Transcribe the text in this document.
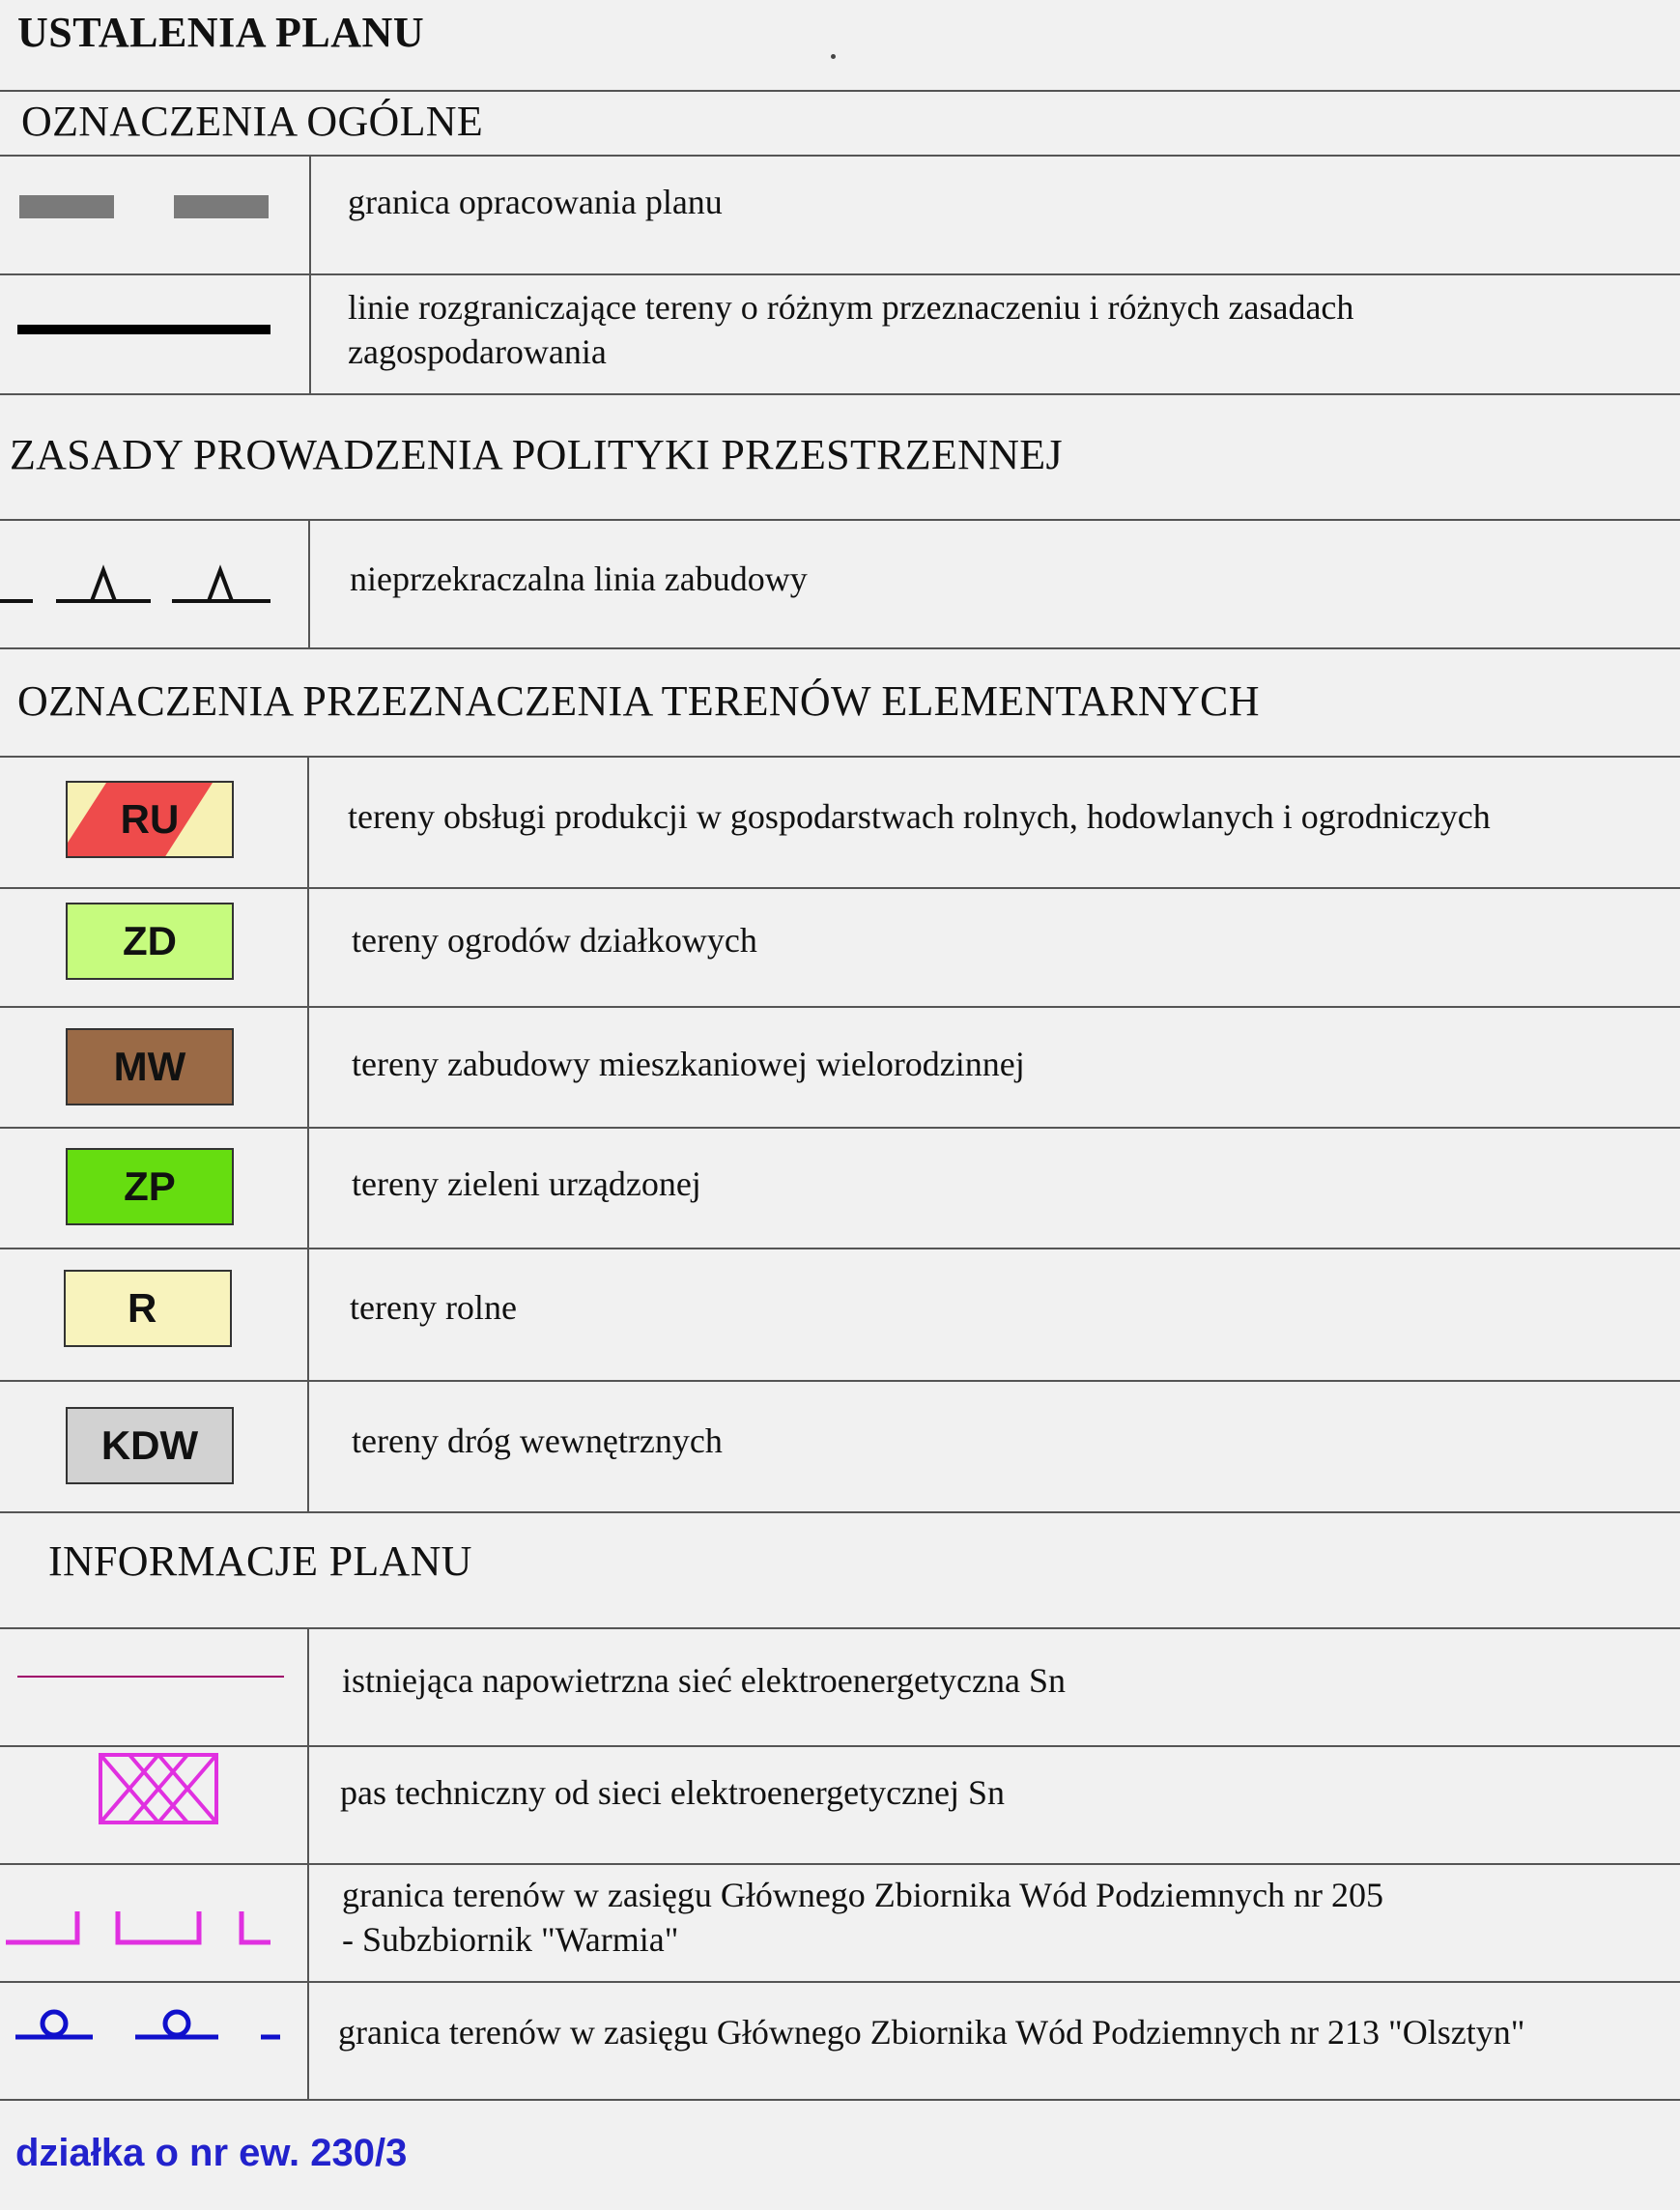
USTALENIA PLANU
OZNACZENIA OGÓLNE
granica opracowania planu
linie rozgraniczające tereny o różnym przeznaczeniu i różnych zasadach
zagospodarowania
ZASADY PROWADZENIA POLITYKI PRZESTRZENNEJ
nieprzekraczalna linia zabudowy
OZNACZENIA PRZEZNACZENIA TERENÓW ELEMENTARNYCH
RU	tereny obsługi produkcji w gospodarstwach rolnych, hodowlanych i ogrodniczych
ZD	tereny ogrodów działkowych
MW	tereny zabudowy mieszkaniowej wielorodzinnej
ZP	tereny zieleni urządzonej
R	tereny rolne
KDW	tereny dróg wewnętrznych
INFORMACJE PLANU
istniejąca napowietrzna sieć elektroenergetyczna Sn
pas techniczny od sieci elektroenergetycznej Sn
granica terenów w zasięgu Głównego Zbiornika Wód Podziemnych nr 205
- Subzbiornik "Warmia"
granica terenów w zasięgu Głównego Zbiornika Wód Podziemnych nr 213 "Olsztyn"
działka o nr ew. 230/3
